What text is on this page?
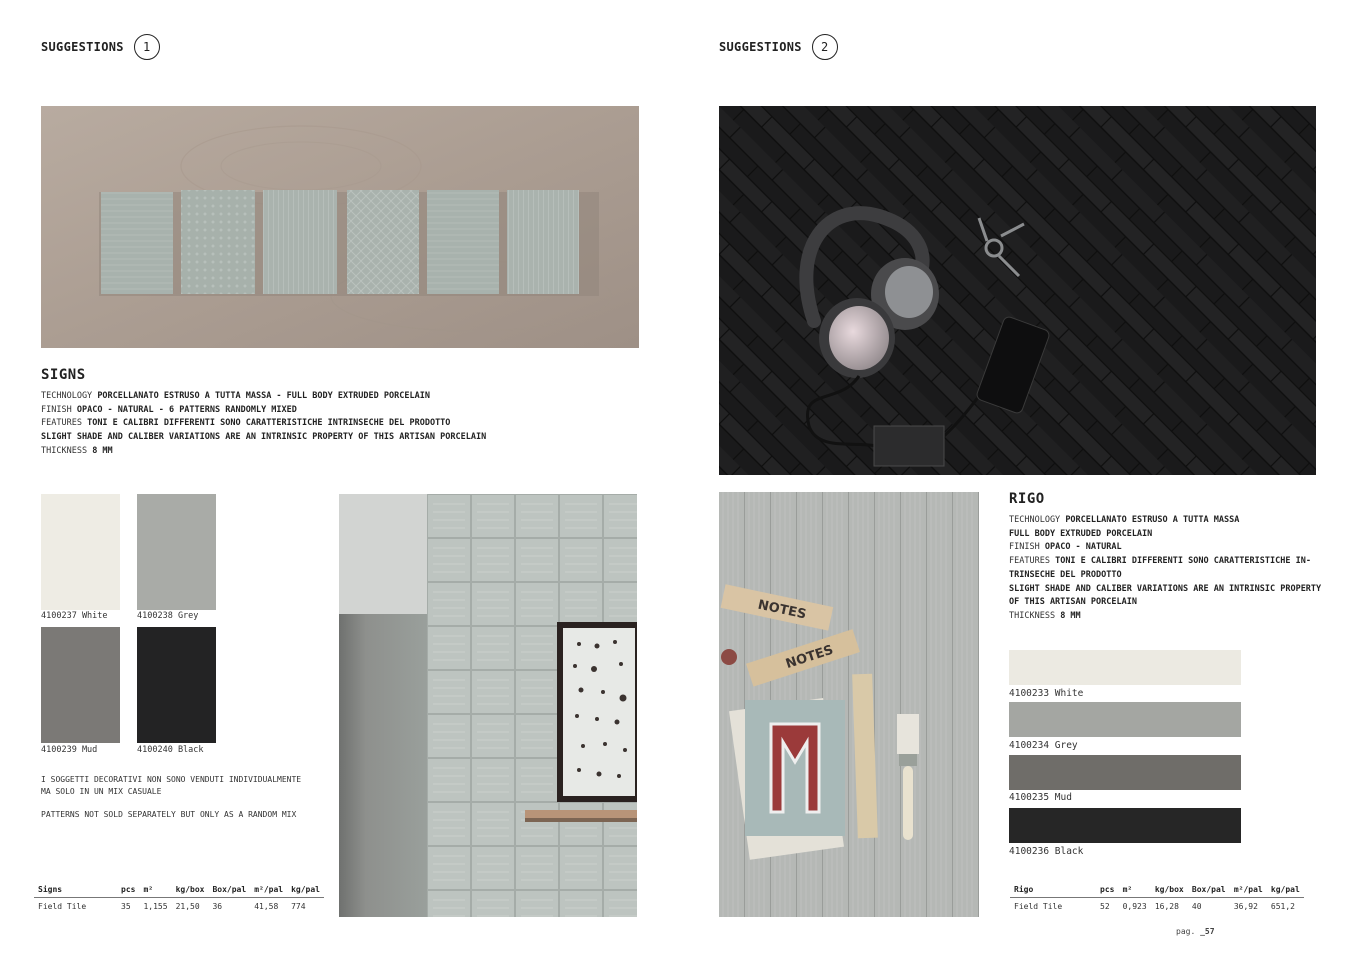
SUGGESTIONS	1
SIGNS
TECHNOLOGY PORCELLANATO ESTRUSO A TUTTA MASSA - FULL BODY EXTRUDED PORCELAIN
FINISH OPACO - NATURAL - 6 PATTERNS RANDOMLY MIXED
FEATURES TONI E CALIBRI DIFFERENTI SONO CARATTERISTICHE INTRINSECHE DEL PRODOTTO
SLIGHT SHADE AND CALIBER VARIATIONS ARE AN INTRINSIC PROPERTY OF THIS ARTISAN PORCELAIN
THICKNESS 8 MM
4100237 White	4100238 Grey
4100239 Mud	4100240 Black
I SOGGETTI DECORATIVI NON SONO VENDUTI INDIVIDUALMENTE
MA SOLO IN UN MIX CASUALE
PATTERNS NOT SOLD SEPARATELY BUT ONLY AS A RANDOM MIX
Signs	pcs	m²	kg/box	Box/pal	m²/pal	kg/pal
Field Tile	35	1,155	21,50	36	41,58	774
SUGGESTIONS	2
NOTES
NOTES
RIGO
TECHNOLOGY PORCELLANATO ESTRUSO A TUTTA MASSA
FULL BODY EXTRUDED PORCELAIN
FINISH OPACO - NATURAL
FEATURES TONI E CALIBRI DIFFERENTI SONO CARATTERISTICHE IN-
TRINSECHE DEL PRODOTTO
SLIGHT SHADE AND CALIBER VARIATIONS ARE AN INTRINSIC PROPERTY
OF THIS ARTISAN PORCELAIN
THICKNESS 8 MM
4100233 White
4100234 Grey
4100235 Mud
4100236 Black
Rigo	pcs	m²	kg/box	Box/pal	m²/pal	kg/pal
Field Tile	52	0,923	16,28	40	36,92	651,2
pag. _57
